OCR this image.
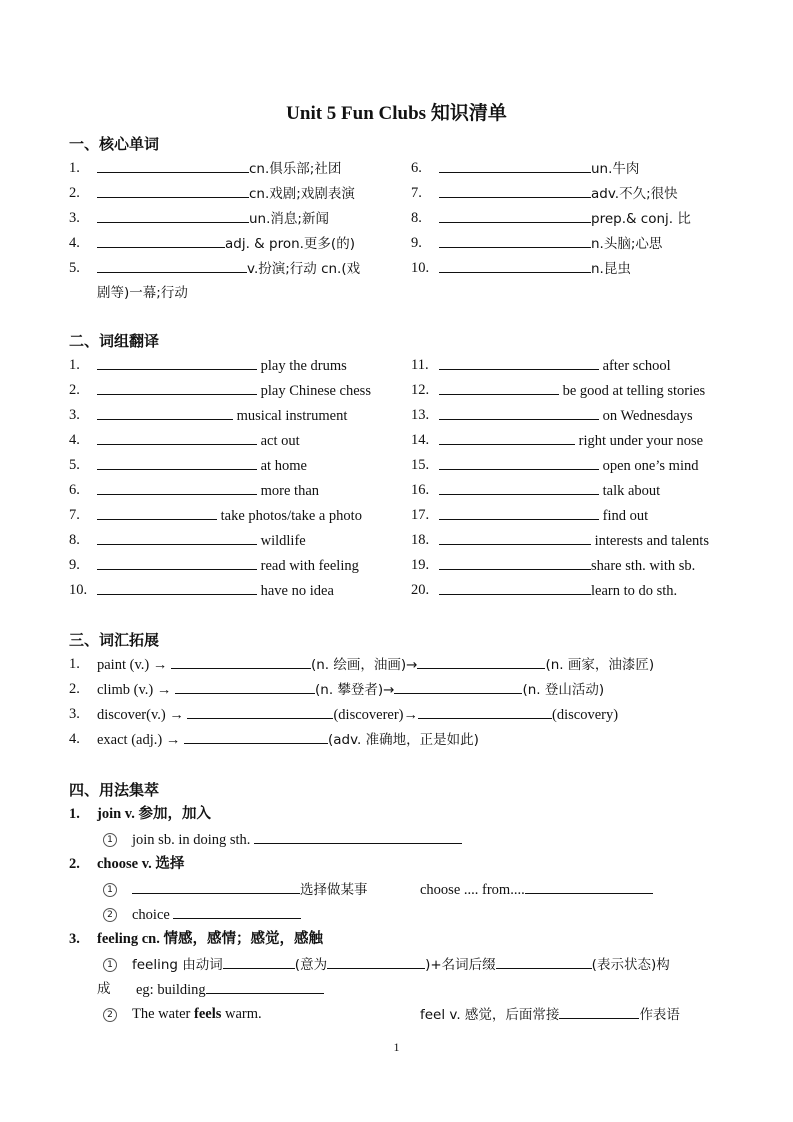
Unit 5 Fun Clubs 知识清单
一、核心单词
1.	cn.俱乐部;社团
2.	cn.戏剧;戏剧表演
3.	un.消息;新闻
4.	adj. & pron.更多(的)
5.	v.扮演;行动 cn.(戏
剧等)一幕;行动
6.	un.牛肉
7.	adv.不久;很快
8.	prep.& conj. 比
9.	n.头脑;心思
10.	n.昆虫
二、词组翻译
1.	play the drums
2.	play Chinese chess
3.	musical instrument
4.	act out
5.	at home
6.	more than
7.	take photos/take a photo
8.	wildlife
9.	read with feeling
10.	have no idea
11.	after school
12.	be good at telling stories
13.	on Wednesdays
14.	right under your nose
15.	open one’s mind
16.	talk about
17.	find out
18.	interests and talents
19.	share sth. with sb.
20.	learn to do sth.
三、词汇拓展
1. paint (v.) →	(n. 绘画，油画)→	(n. 画家，油漆匠)
2. climb (v.) →	(n. 攀登者)→	(n. 登山活动)
3. discover(v.) →	(discoverer)→	(discovery)
4. exact (adj.) →	(adv. 准确地，正是如此)
四、用法集萃
1. join v. 参加，加入
1 join sb. in doing sth.
2. choose v. 选择
1	选择做某事	choose .... from....
2 choice
3. feeling cn. 情感，感情；感觉，感触
1	feeling 由动词	(意为	)+名词后缀	(表示状态)构
成 eg: building
2 The water feels warm.	feel v. 感觉，后面常接	作表语
1
